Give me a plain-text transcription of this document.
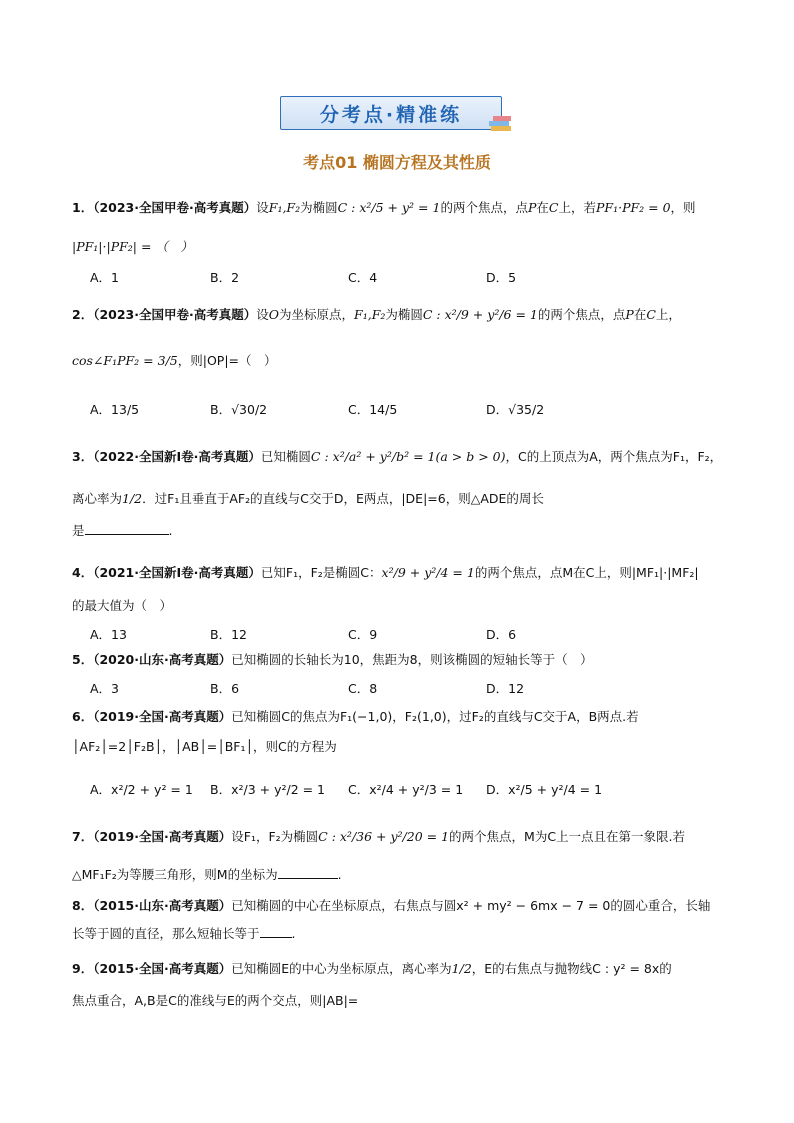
分考点·精准练
考点01 椭圆方程及其性质
1．（2023·全国甲卷·高考真题）设F₁,F₂为椭圆C : x²/5 + y² = 1的两个焦点，点P在C上，若PF₁·PF₂ = 0，则
|PF₁|·|PF₂| = （　）
A．1	B．2	C．4	D．5
2．（2023·全国甲卷·高考真题）设O为坐标原点，F₁,F₂为椭圆C : x²/9 + y²/6 = 1的两个焦点，点P在C上，
cos∠F₁PF₂ = 3/5，则|OP|=（　）
A．13/5	B．√30/2	C．14/5	D．√35/2
3．（2022·全国新Ⅰ卷·高考真题）已知椭圆C : x²/a² + y²/b² = 1(a > b > 0)，C的上顶点为A，两个焦点为F₁，F₂，
离心率为1/2．过F₁且垂直于AF₂的直线与C交于D，E两点，|DE|=6，则△ADE的周长
是	.
4．（2021·全国新Ⅰ卷·高考真题）已知F₁，F₂是椭圆C：x²/9 + y²/4 = 1的两个焦点，点M在C上，则|MF₁|·|MF₂|
的最大值为（　）
A．13	B．12	C．9	D．6
5．（2020·山东·高考真题）已知椭圆的长轴长为10，焦距为8，则该椭圆的短轴长等于（　）
A．3	B．6	C．8	D．12
6．（2019·全国·高考真题）已知椭圆C的焦点为F₁(−1,0)，F₂(1,0)，过F₂的直线与C交于A，B两点.若
│AF₂│=2│F₂B│，│AB│=│BF₁│，则C的方程为
A．x²/2 + y² = 1 B．x²/3 + y²/2 = 1 C．x²/4 + y²/3 = 1 D．x²/5 + y²/4 = 1
7．（2019·全国·高考真题）设F₁，F₂为椭圆C : x²/36 + y²/20 = 1的两个焦点，M为C上一点且在第一象限.若
△MF₁F₂为等腰三角形，则M的坐标为	.
8．（2015·山东·高考真题）已知椭圆的中心在坐标原点，右焦点与圆x² + my² − 6mx − 7 = 0的圆心重合，长轴
长等于圆的直径，那么短轴长等于	.
9．（2015·全国·高考真题）已知椭圆E的中心为坐标原点，离心率为1/2，E的右焦点与抛物线C : y² = 8x的
焦点重合，A,B是C的准线与E的两个交点，则|AB|=
